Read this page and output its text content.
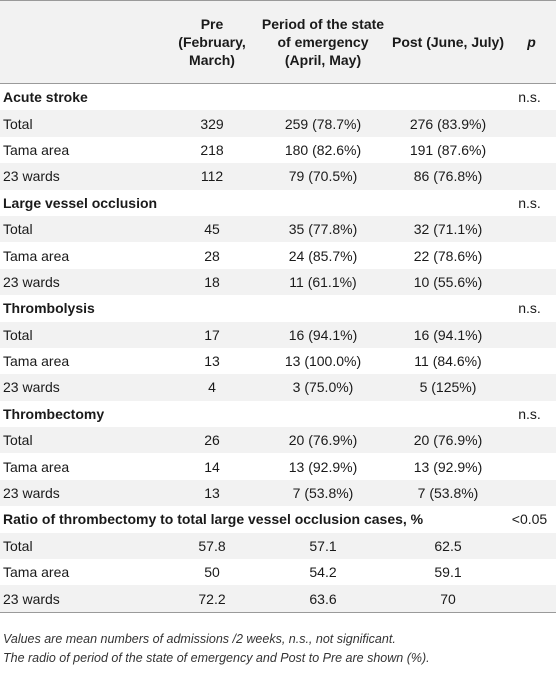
	Pre (February, March)	Period of the state of emergency (April, May)	Post (June, July)	p
Acute stroke				n.s.
Total	329	259 (78.7%)	276 (83.9%)	
Tama area	218	180 (82.6%)	191 (87.6%)	
23 wards	112	79 (70.5%)	86 (76.8%)	
Large vessel occlusion				n.s.
Total	45	35 (77.8%)	32 (71.1%)	
Tama area	28	24 (85.7%)	22 (78.6%)	
23 wards	18	11 (61.1%)	10 (55.6%)	
Thrombolysis				n.s.
Total	17	16 (94.1%)	16 (94.1%)	
Tama area	13	13 (100.0%)	11 (84.6%)	
23 wards	4	3 (75.0%)	5 (125%)	
Thrombectomy				n.s.
Total	26	20 (76.9%)	20 (76.9%)	
Tama area	14	13 (92.9%)	13 (92.9%)	
23 wards	13	7 (53.8%)	7 (53.8%)	
Ratio of thrombectomy to total large vessel occlusion cases, %				<0.05
Total	57.8	57.1	62.5	
Tama area	50	54.2	59.1	
23 wards	72.2	63.6	70	
Values are mean numbers of admissions /2 weeks, n.s., not significant.
The radio of period of the state of emergency and Post to Pre are shown (%).
